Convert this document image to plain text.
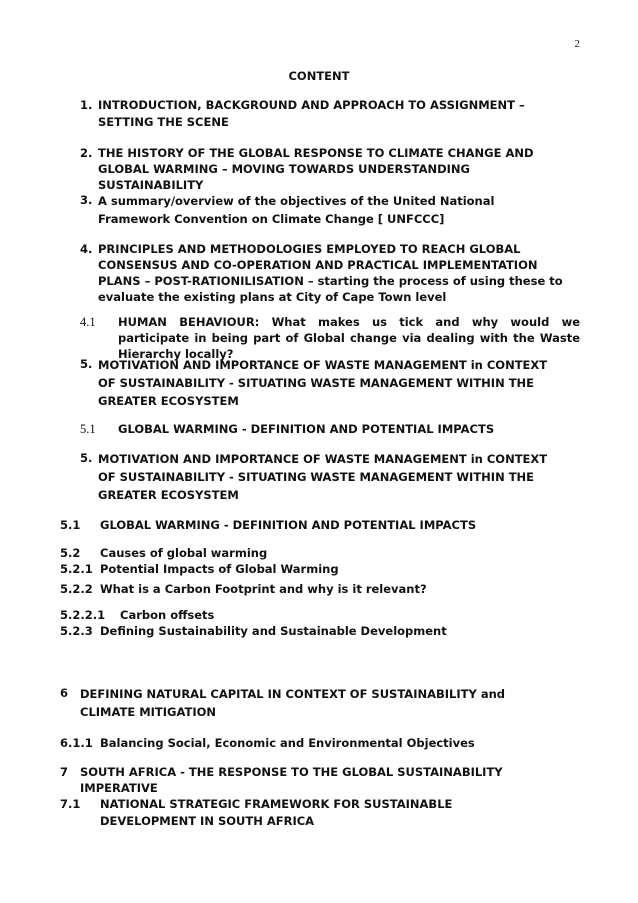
2
CONTENT
1. INTRODUCTION, BACKGROUND AND APPROACH TO ASSIGNMENT – SETTING THE SCENE
2. THE HISTORY OF THE GLOBAL RESPONSE TO CLIMATE CHANGE AND GLOBAL WARMING – MOVING TOWARDS UNDERSTANDING SUSTAINABILITY
3. A summary/overview of the objectives of the United National Framework Convention on Climate Change [ UNFCCC]
4. PRINCIPLES AND METHODOLOGIES EMPLOYED TO REACH GLOBAL CONSENSUS AND CO-OPERATION AND PRACTICAL IMPLEMENTATION PLANS – POST-RATIONILISATION – starting the process of using these to evaluate the existing plans at City of Cape Town level
4.1	HUMAN BEHAVIOUR: What makes us tick and why would we participate in being part of Global change via dealing with the Waste Hierarchy locally?
5. MOTIVATION AND IMPORTANCE OF WASTE MANAGEMENT in CONTEXT OF SUSTAINABILITY - SITUATING WASTE MANAGEMENT WITHIN THE GREATER ECOSYSTEM
5.1	GLOBAL WARMING - DEFINITION AND POTENTIAL IMPACTS
5. MOTIVATION AND IMPORTANCE OF WASTE MANAGEMENT in CONTEXT OF SUSTAINABILITY - SITUATING WASTE MANAGEMENT WITHIN THE GREATER ECOSYSTEM
5.1	GLOBAL WARMING - DEFINITION AND POTENTIAL IMPACTS
5.2	Causes of global warming
5.2.1 Potential Impacts of Global Warming
5.2.2 What is a Carbon Footprint and why is it relevant?
5.2.2.1	Carbon offsets
5.2.3 Defining Sustainability and Sustainable Development
6	DEFINING NATURAL CAPITAL IN CONTEXT OF SUSTAINABILITY and CLIMATE MITIGATION
6.1.1 Balancing Social, Economic and Environmental Objectives
7	SOUTH AFRICA - THE RESPONSE TO THE GLOBAL SUSTAINABILITY IMPERATIVE
7.1	NATIONAL STRATEGIC FRAMEWORK FOR SUSTAINABLE DEVELOPMENT IN SOUTH AFRICA
